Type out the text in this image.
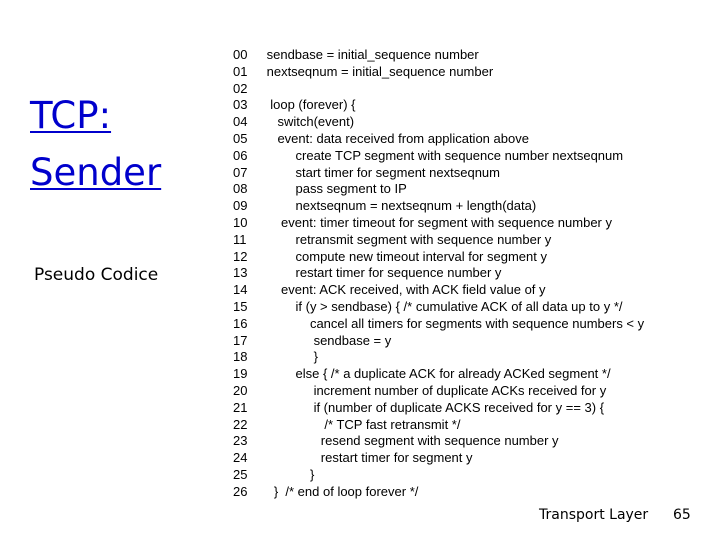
TCP:
Sender
Pseudo Codice
00	sendbase = initial_sequence number
01	nextseqnum = initial_sequence number
02
03	loop (forever) {
04	switch(event)
05	event: data received from application above
06	create TCP segment with sequence number nextseqnum
07	start timer for segment nextseqnum
08	pass segment to IP
09	nextseqnum = nextseqnum + length(data)
10	event: timer timeout for segment with sequence number y
11	retransmit segment with sequence number y
12	compute new timeout interval for segment y
13	restart timer for sequence number y
14	event: ACK received, with ACK field value of y
15	if (y > sendbase) { /* cumulative ACK of all data up to y */
16	cancel all timers for segments with sequence numbers < y
17	sendbase = y
18	}
19	else { /* a duplicate ACK for already ACKed segment */
20	increment number of duplicate ACKs received for y
21	if (number of duplicate ACKS received for y == 3) {
22	/* TCP fast retransmit */
23	resend segment with sequence number y
24	restart timer for segment y
25	}
26	}  /* end of loop forever */
Transport Layer 65
